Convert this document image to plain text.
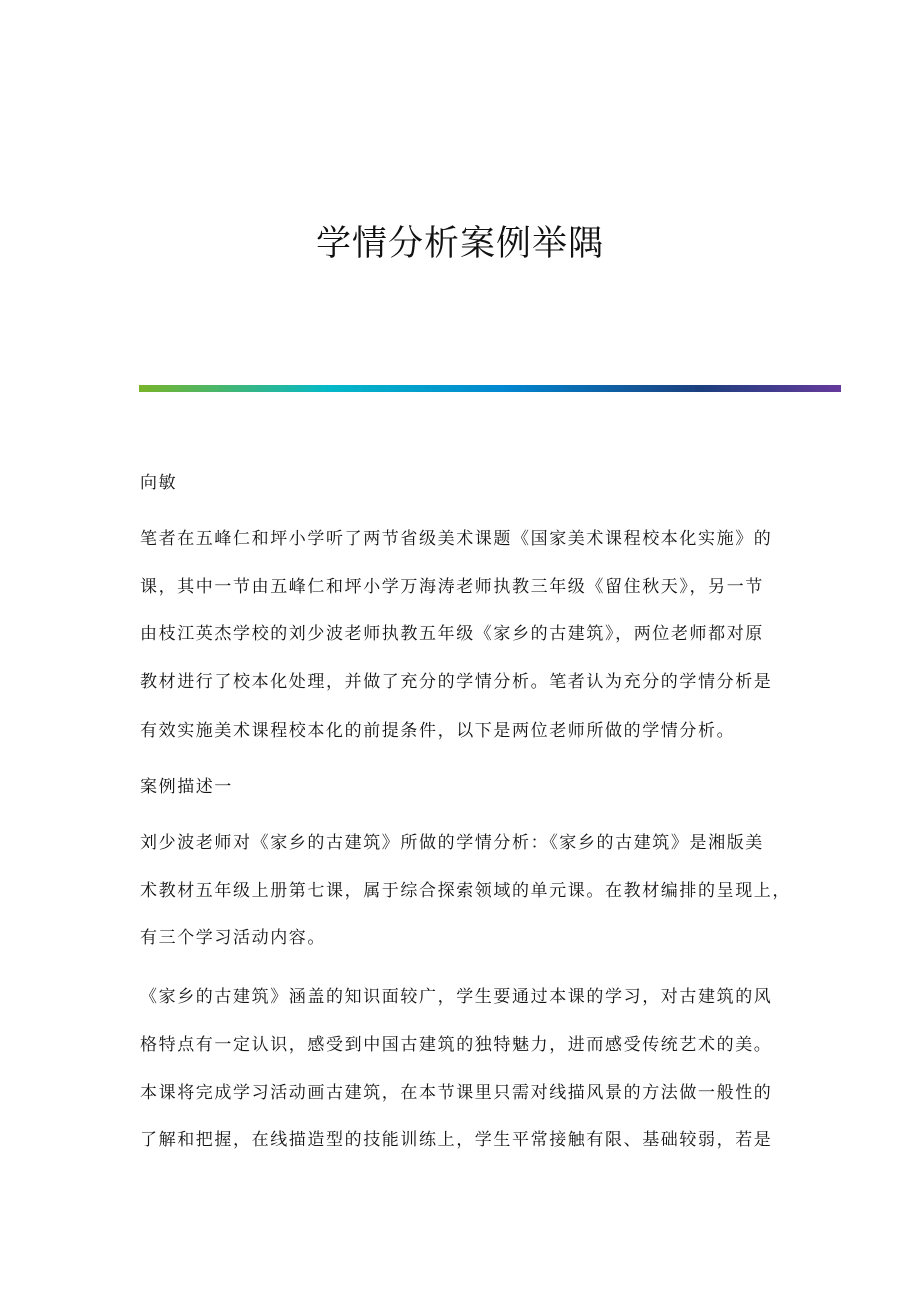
学情分析案例举隅
向敏
笔者在五峰仁和坪小学听了两节省级美术课题《国家美术课程校本化实施》的
课，其中一节由五峰仁和坪小学万海涛老师执教三年级《留住秋天》，另一节
由枝江英杰学校的刘少波老师执教五年级《家乡的古建筑》，两位老师都对原
教材进行了校本化处理，并做了充分的学情分析。笔者认为充分的学情分析是
有效实施美术课程校本化的前提条件，以下是两位老师所做的学情分析。
案例描述一
刘少波老师对《家乡的古建筑》所做的学情分析：《家乡的古建筑》是湘版美
术教材五年级上册第七课，属于综合探索领域的单元课。在教材编排的呈现上，
有三个学习活动内容。
《家乡的古建筑》涵盖的知识面较广，学生要通过本课的学习，对古建筑的风
格特点有一定认识，感受到中国古建筑的独特魅力，进而感受传统艺术的美。
本课将完成学习活动画古建筑，在本节课里只需对线描风景的方法做一般性的
了解和把握，在线描造型的技能训练上，学生平常接触有限、基础较弱，若是
